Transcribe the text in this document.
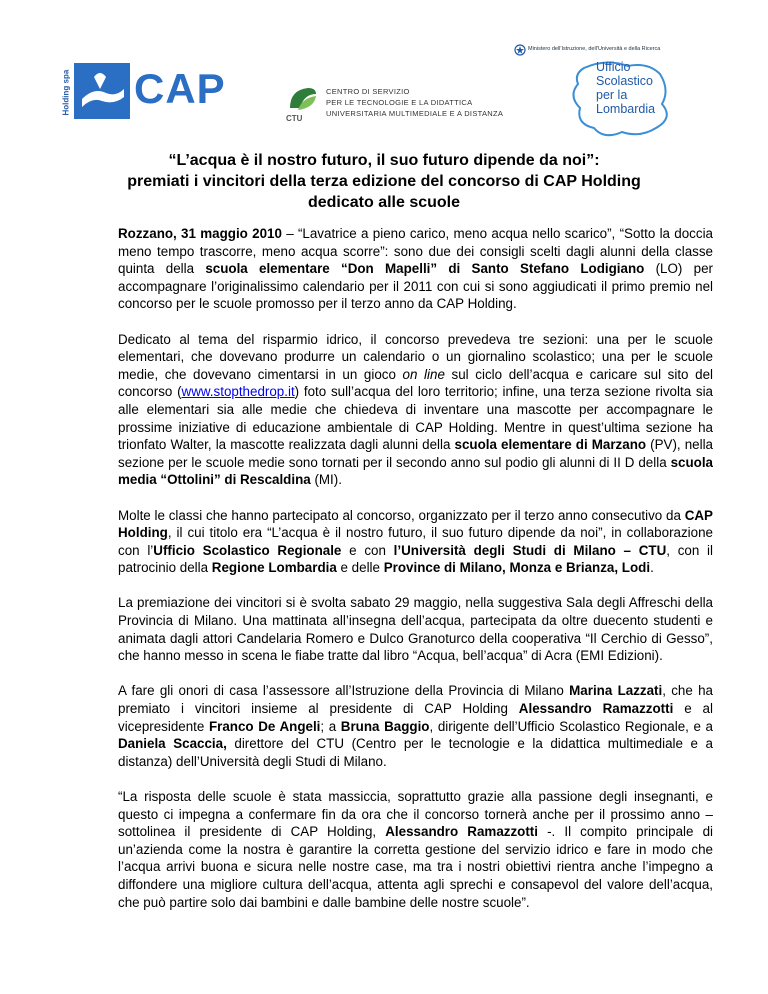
Holding spa CAP
CTU
CENTRO DI SERVIZIO
PER LE TECNOLOGIE E LA DIDATTICA
UNIVERSITARIA MULTIMEDIALE E A DISTANZA
Ministero dell'Istruzione, dell'Università e della Ricerca
Ufficio
Scolastico
per la
Lombardia
“L’acqua è il nostro futuro, il suo futuro dipende da noi”:
premiati i vincitori della terza edizione del concorso di CAP Holding
dedicato alle scuole

Rozzano, 31 maggio 2010 – “Lavatrice a pieno carico, meno acqua nello scarico”, “Sotto la doccia meno tempo trascorre, meno acqua scorre”: sono due dei consigli scelti dagli alunni della classe quinta della scuola elementare “Don Mapelli” di Santo Stefano Lodigiano (LO) per accompagnare l’originalissimo calendario per il 2011 con cui si sono aggiudicati il primo premio nel concorso per le scuole promosso per il terzo anno da CAP Holding.

Dedicato al tema del risparmio idrico, il concorso prevedeva tre sezioni: una per le scuole elementari, che dovevano produrre un calendario o un giornalino scolastico; una per le scuole medie, che dovevano cimentarsi in un gioco on line sul ciclo dell’acqua e caricare sul sito del concorso (www.stopthedrop.it) foto sull’acqua del loro territorio; infine, una terza sezione rivolta sia alle elementari sia alle medie che chiedeva di inventare una mascotte per accompagnare le prossime iniziative di educazione ambientale di CAP Holding. Mentre in quest’ultima sezione ha trionfato Walter, la mascotte realizzata dagli alunni della scuola elementare di Marzano (PV), nella sezione per le scuole medie sono tornati per il secondo anno sul podio gli alunni di II D della scuola media “Ottolini” di Rescaldina (MI).

Molte le classi che hanno partecipato al concorso, organizzato per il terzo anno consecutivo da CAP Holding, il cui titolo era “L’acqua è il nostro futuro, il suo futuro dipende da noi”, in collaborazione con l’Ufficio Scolastico Regionale e con l’Università degli Studi di Milano – CTU, con il patrocinio della Regione Lombardia e delle Province di Milano, Monza e Brianza, Lodi.

La premiazione dei vincitori si è svolta sabato 29 maggio, nella suggestiva Sala degli Affreschi della Provincia di Milano. Una mattinata all’insegna dell’acqua, partecipata da oltre duecento studenti e animata dagli attori Candelaria Romero e Dulco Granoturco della cooperativa “Il Cerchio di Gesso”, che hanno messo in scena le fiabe tratte dal libro “Acqua, bell’acqua” di Acra (EMI Edizioni).

A fare gli onori di casa l’assessore all’Istruzione della Provincia di Milano Marina Lazzati, che ha premiato i vincitori insieme al presidente di CAP Holding Alessandro Ramazzotti e al vicepresidente Franco De Angeli; a Bruna Baggio, dirigente dell’Ufficio Scolastico Regionale, e a Daniela Scaccia, direttore del CTU (Centro per le tecnologie e la didattica multimediale e a distanza) dell’Università degli Studi di Milano.

“La risposta delle scuole è stata massiccia, soprattutto grazie alla passione degli insegnanti, e questo ci impegna a confermare fin da ora che il concorso tornerà anche per il prossimo anno – sottolinea il presidente di CAP Holding, Alessandro Ramazzotti -. Il compito principale di un’azienda come la nostra è garantire la corretta gestione del servizio idrico e fare in modo che l’acqua arrivi buona e sicura nelle nostre case, ma tra i nostri obiettivi rientra anche l’impegno a diffondere una migliore cultura dell’acqua, attenta agli sprechi e consapevol del valore dell’acqua, che può partire solo dai bambini e dalle bambine delle nostre scuole”.
